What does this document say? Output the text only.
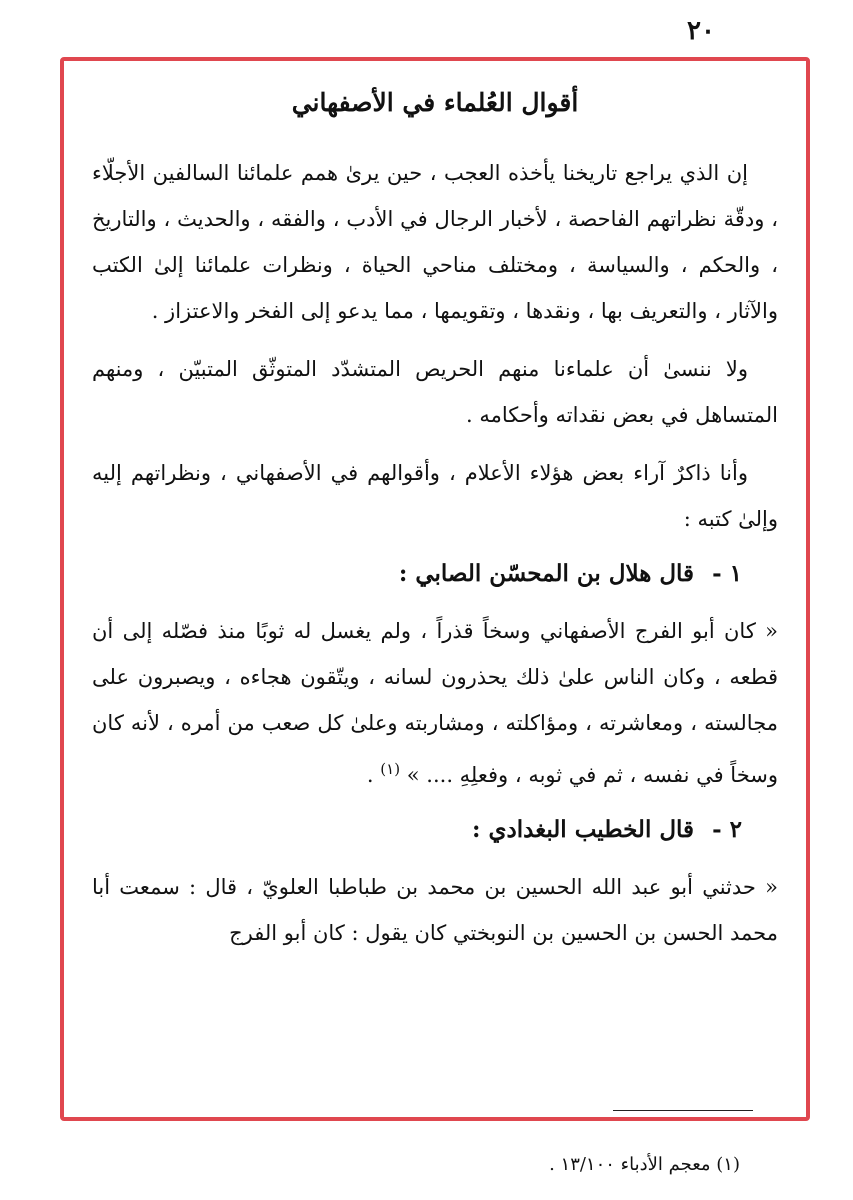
٢٠
أقوال العُلماء في الأصفهاني

إن الذي يراجع تاريخنا يأخذه العجب ، حين يرىٰ همم علمائنا السالفين الأجلّاء ، ودقّة نظراتهم الفاحصة ، لأخبار الرجال في الأدب ، والفقه ، والحديث ، والتاريخ ، والحكم ، والسياسة ، ومختلف مناحي الحياة ، ونظرات علمائنا إلىٰ الكتب والآثار ، والتعريف بها ، ونقدها ، وتقويمها ، مما يدعو إلى الفخر والاعتزاز .

ولا ننسىٰ أن علماءنا منهم الحريص المتشدّد المتوثّق المتبيّن ، ومنهم المتساهل في بعض نقداته وأحكامه .

وأنا ذاكرٌ آراء بعض هؤلاء الأعلام ، وأقوالهم في الأصفهاني ، ونظراتهم إليه وإلىٰ كتبه :

١ - قال هلال بن المحسّن الصابي :

« كان أبو الفرج الأصفهاني وسخاً قذراً ، ولم يغسل له ثوبًا منذ فصّله إلى أن قطعه ، وكان الناس علىٰ ذلك يحذرون لسانه ، ويتّقون هجاءه ، ويصبرون على مجالسته ، ومعاشرته ، ومؤاكلته ، ومشاربته وعلىٰ كل صعب من أمره ، لأنه كان وسخاً في نفسه ، ثم في ثوبه ، وفعلِهِ .... » $^{(١)}$ .

٢ - قال الخطيب البغدادي :

« حدثني أبو عبد الله الحسين بن محمد بن طباطبا العلويّ ، قال : سمعت أبا محمد الحسن بن الحسين بن النوبختي كان يقول : كان أبو الفرج

(١) معجم الأدباء ١٣/١٠٠ .
